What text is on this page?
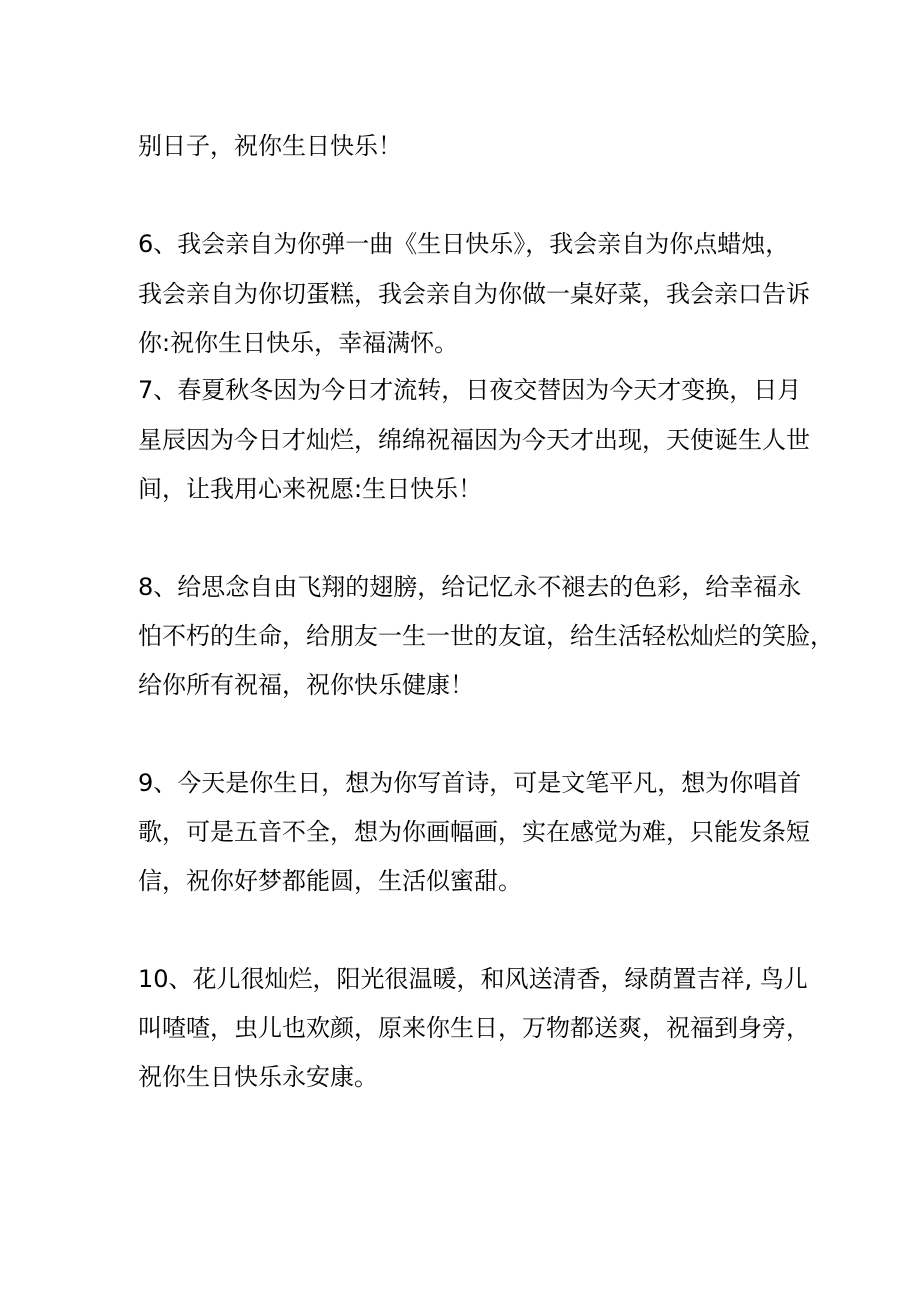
别日子，祝你生日快乐！
6、我会亲自为你弹一曲《生日快乐》，我会亲自为你点蜡烛，
我会亲自为你切蛋糕，我会亲自为你做一桌好菜，我会亲口告诉
你:祝你生日快乐，幸福满怀。
7、春夏秋冬因为今日才流转，日夜交替因为今天才变换，日月
星辰因为今日才灿烂，绵绵祝福因为今天才出现，天使诞生人世
间，让我用心来祝愿:生日快乐！
8、给思念自由飞翔的翅膀，给记忆永不褪去的色彩，给幸福永
怕不朽的生命，给朋友一生一世的友谊，给生活轻松灿烂的笑脸，
给你所有祝福，祝你快乐健康！
9、今天是你生日，想为你写首诗，可是文笔平凡，想为你唱首
歌，可是五音不全，想为你画幅画，实在感觉为难，只能发条短
信，祝你好梦都能圆，生活似蜜甜。
10、花儿很灿烂，阳光很温暖，和风送清香，绿荫置吉祥, 鸟儿
叫喳喳，虫儿也欢颜，原来你生日，万物都送爽，祝福到身旁，
祝你生日快乐永安康。
